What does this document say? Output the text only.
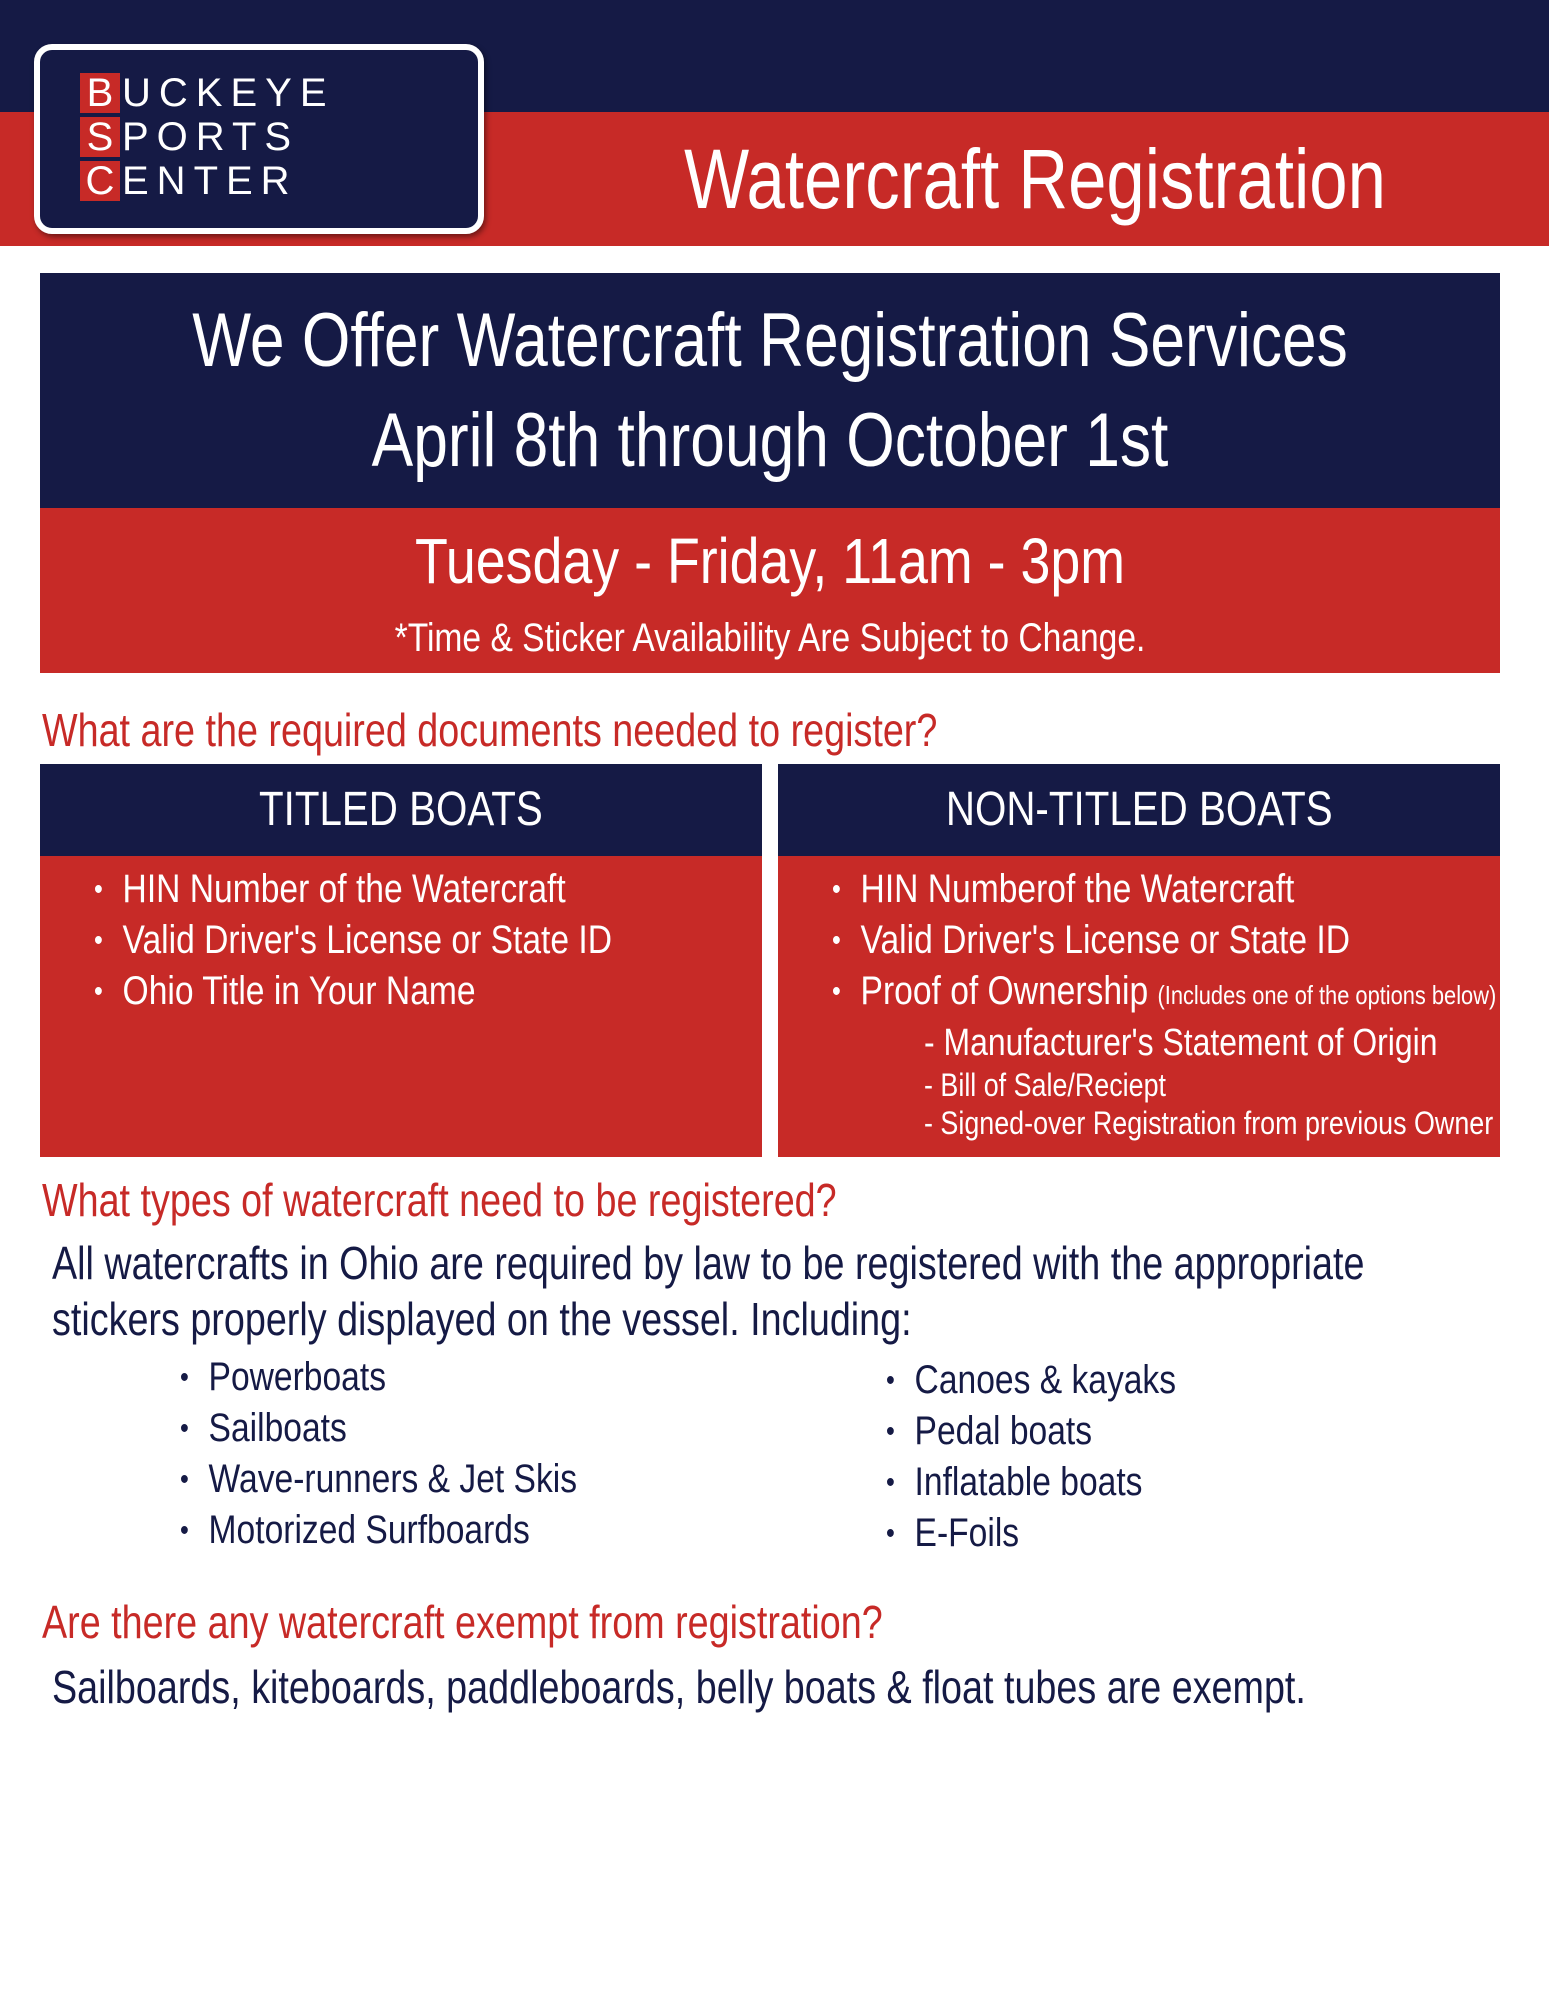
B UCKEYE
S PORTS
C ENTER	Watercraft Registration
We Offer Watercraft Registration Services
April 8th through October 1st
Tuesday - Friday, 11am - 3pm
*Time & Sticker Availability Are Subject to Change.
What are the required documents needed to register?
TITLED BOATS
• HIN Number of the Watercraft
• Valid Driver's License or State ID
• Ohio Title in Your Name
NON-TITLED BOATS
• HIN Numberof the Watercraft
• Valid Driver's License or State ID
• Proof of Ownership (Includes one of the options below)
- Manufacturer's Statement of Origin
- Bill of Sale/Reciept
- Signed-over Registration from previous Owner
What types of watercraft need to be registered?
All watercrafts in Ohio are required by law to be registered with the appropriate
stickers properly displayed on the vessel. Including:
• Powerboats
• Sailboats
• Wave-runners & Jet Skis
• Motorized Surfboards
• Canoes & kayaks
• Pedal boats
• Inflatable boats
• E-Foils
Are there any watercraft exempt from registration?
Sailboards, kiteboards, paddleboards, belly boats & float tubes are exempt.
